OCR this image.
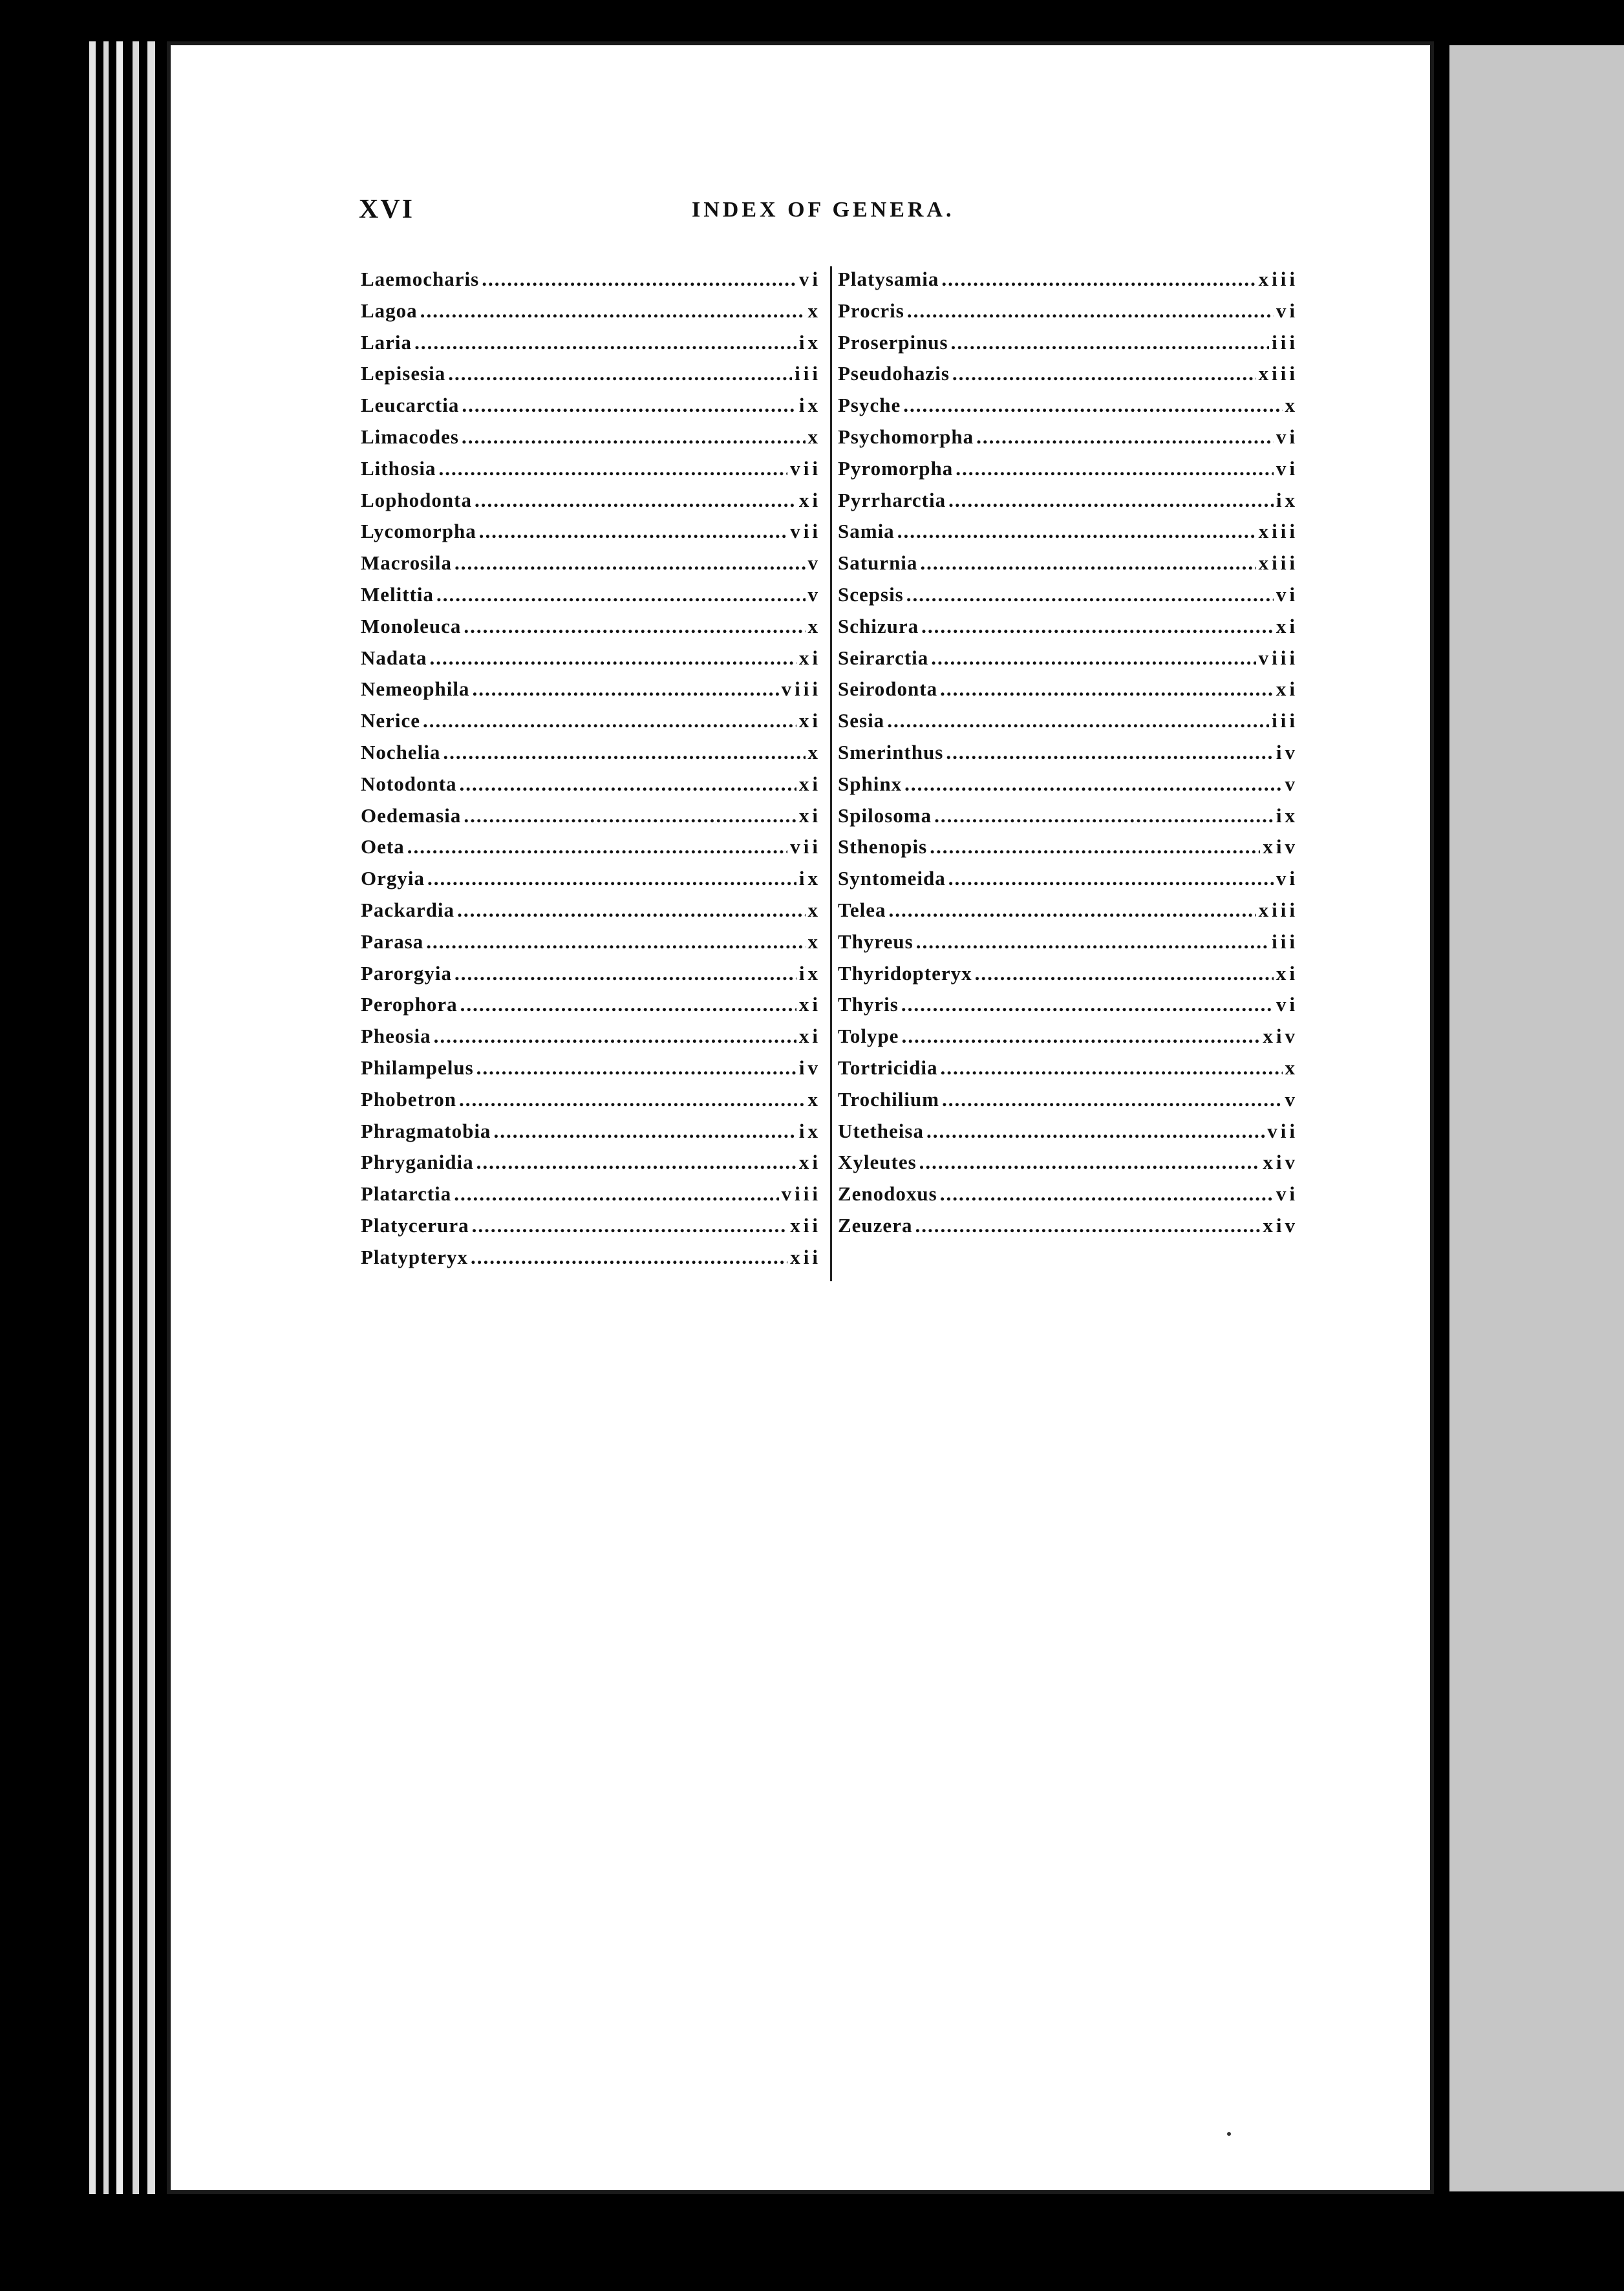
XVI	INDEX OF GENERA.
Laemocharis .....	vi
Lagoa .....	x
Laria .....	ix
Lepisesia .....	iii
Leucarctia .....	ix
Limacodes .....	x
Lithosia .....	vii
Lophodonta .....	xi
Lycomorpha .....	vii
Macrosila .....	v
Melittia .....	v
Monoleuca .....	x
Nadata .....	xi
Nemeophila .....	viii
Nerice .....	xi
Nochelia .....	x
Notodonta .....	xi
Oedemasia .....	xi
Oeta .....	vii
Orgyia .....	ix
Packardia .....	x
Parasa .....	x
Parorgyia .....	ix
Perophora .....	xi
Pheosia .....	xi
Philampelus .....	iv
Phobetron .....	x
Phragmatobia .....	ix
Phryganidia .....	xi
Platarctia .....	viii
Platycerura .....	xii
Platypteryx .....	xii
Platysamia .....	xiii
Procris .....	vi
Proserpinus .....	iii
Pseudohazis .....	xiii
Psyche .....	x
Psychomorpha .....	vi
Pyromorpha .....	vi
Pyrrharctia .....	ix
Samia .....	xiii
Saturnia .....	xiii
Scepsis .....	vi
Schizura .....	xi
Seirarctia .....	viii
Seirodonta .....	xi
Sesia .....	iii
Smerinthus .....	iv
Sphinx .....	v
Spilosoma .....	ix
Sthenopis .....	xiv
Syntomeida .....	vi
Telea .....	xiii
Thyreus .....	iii
Thyridopteryx .....	xi
Thyris .....	vi
Tolype .....	xiv
Tortricidia .....	x
Trochilium .....	v
Utetheisa .....	vii
Xyleutes .....	xiv
Zenodoxus .....	vi
Zeuzera .....	xiv
